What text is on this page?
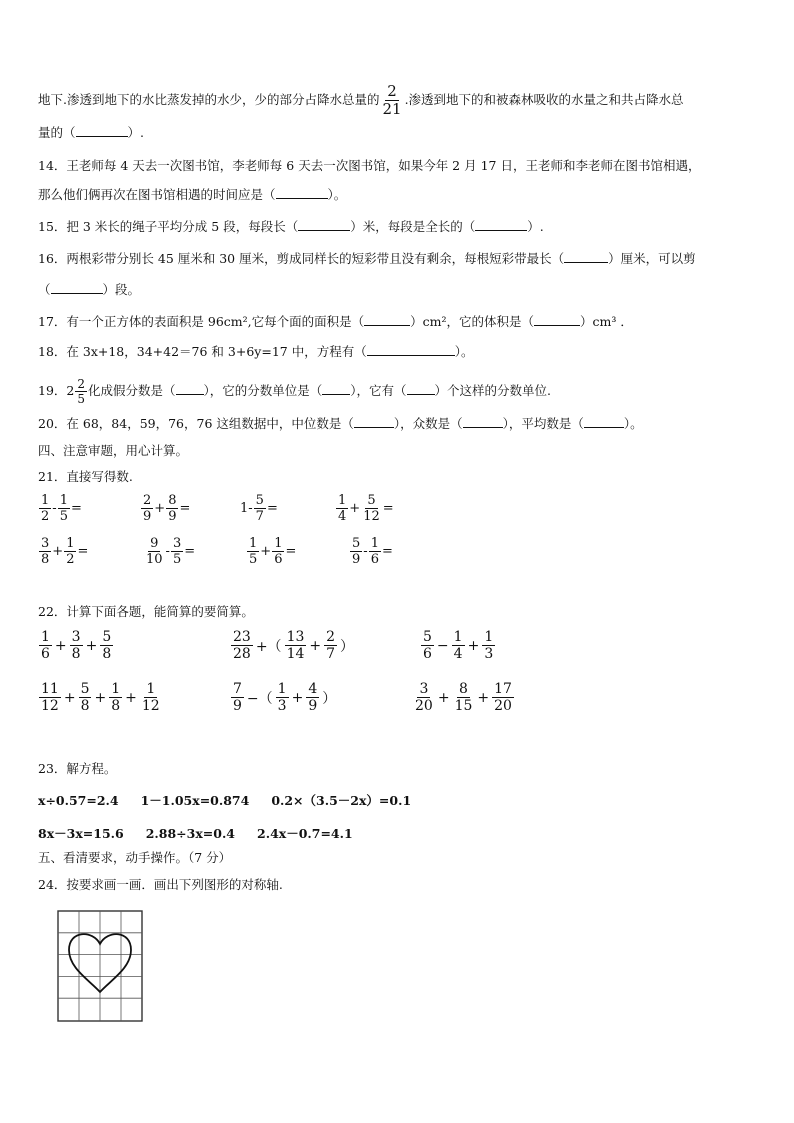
地下.渗透到地下的水比蒸发掉的水少，少的部分占降水总量的 $\frac{2}{21}$ .渗透到地下的和被森林吸收的水量之和共占降水总
量的（	）.
14．王老师每 4 天去一次图书馆，李老师每 6 天去一次图书馆，如果今年 2 月 17 日，王老师和李老师在图书馆相遇，
那么他们俩再次在图书馆相遇的时间应是（	）。
15．把 3 米长的绳子平均分成 5 段，每段长（	）米，每段是全长的（	）.
16．两根彩带分别长 45 厘米和 30 厘米，剪成同样长的短彩带且没有剩余，每根短彩带最长（	）厘米，可以剪
（	）段。
17．有一个正方体的表面积是 96cm²,它每个面的面积是（	）cm²，它的体积是（	）cm³ ．
18．在 3x+18，34+42＝76 和 3+6y=17 中，方程有（	）。
19．$2 \frac{2}{5}$ 化成假分数是（ ），它的分数单位是（ ），它有（ ）个这样的分数单位.
20．在 68，84，59，76，76 这组数据中，中位数是（	），众数是（	），平均数是（	）。
四、注意审题，用心计算。
21．直接写得数.
$\frac{1}{2} - \frac{1}{5}$ =	$\frac{2}{9} + \frac{8}{9}$ =	$1- \frac{5}{7}$ =	$\frac{1}{4} + \frac{5}{12}$ =
$\frac{3}{8} + \frac{1}{2}$ =	$\frac{9}{10} - \frac{3}{5}$ =	$\frac{1}{5} + \frac{1}{6}$ =	$\frac{5}{9} - \frac{1}{6}$ =
22．计算下面各题，能简算的要简算。
$\frac{1}{6} + \frac{3}{8} + \frac{5}{8}$	$\frac{23}{28}$ +（ $\frac{13}{14} + \frac{2}{7}$ ）	$\frac{5}{6} - \frac{1}{4} + \frac{1}{3}$
$\frac{11}{12} + \frac{5}{8} + \frac{1}{8} + \frac{1}{12}$	$\frac{7}{9}$ −（ $\frac{1}{3} + \frac{4}{9}$ ）	$\frac{3}{20} + \frac{8}{15} + \frac{17}{20}$
23．解方程。
x÷0.57=2.4 1－1.05x=0.874 0.2×（3.5－2x）=0.1
8x－3x=15.6 2.88÷3x=0.4 2.4x－0.7=4.1
五、看清要求，动手操作。（7 分）
24．按要求画一画．画出下列图形的对称轴.
